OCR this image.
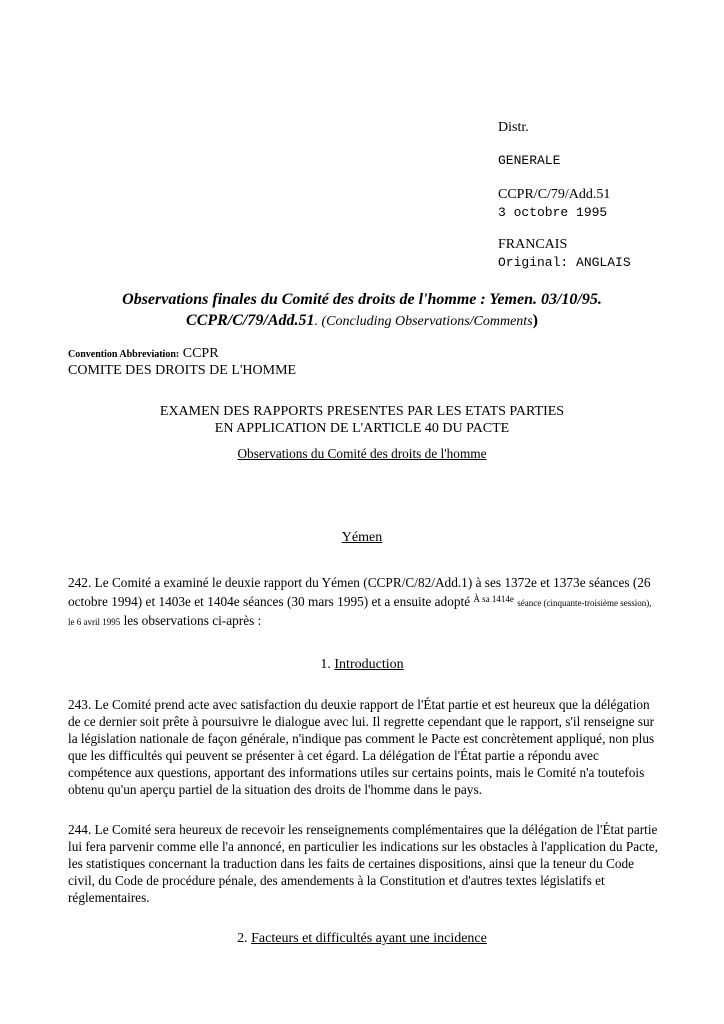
Distr.
GENERALE
CCPR/C/79/Add.51
3 octobre 1995
FRANCAIS
Original: ANGLAIS
Observations finales du Comité des droits de l'homme : Yemen. 03/10/95.
CCPR/C/79/Add.51. (Concluding Observations/Comments)
Convention Abbreviation: CCPR
COMITE DES DROITS DE L'HOMME
EXAMEN DES RAPPORTS PRESENTES PAR LES ETATS PARTIES
EN APPLICATION DE L'ARTICLE 40 DU PACTE
Observations du Comité des droits de l'homme
Yémen
242. Le Comité a examiné le deuxie rapport du Yémen (CCPR/C/82/Add.1) à ses 1372e et 1373e séances (26 octobre 1994) et 1403e et 1404e séances (30 mars 1995) et a ensuite adopté $^{À sa 1414e}$ séance (cinquante-troisième session), le 6 avril 1995 les observations ci-après :
1. Introduction
243. Le Comité prend acte avec satisfaction du deuxie rapport de l'État partie et est heureux que la délégation de ce dernier soit prête à poursuivre le dialogue avec lui. Il regrette cependant que le rapport, s'il renseigne sur la législation nationale de façon générale, n'indique pas comment le Pacte est concrètement appliqué, non plus que les difficultés qui peuvent se présenter à cet égard. La délégation de l'État partie a répondu avec compétence aux questions, apportant des informations utiles sur certains points, mais le Comité n'a toutefois obtenu qu'un aperçu partiel de la situation des droits de l'homme dans le pays.
244. Le Comité sera heureux de recevoir les renseignements complémentaires que la délégation de l'État partie lui fera parvenir comme elle l'a annoncé, en particulier les indications sur les obstacles à l'application du Pacte, les statistiques concernant la traduction dans les faits de certaines dispositions, ainsi que la teneur du Code civil, du Code de procédure pénale, des amendements à la Constitution et d'autres textes législatifs et réglementaires.
2. Facteurs et difficultés ayant une incidence
